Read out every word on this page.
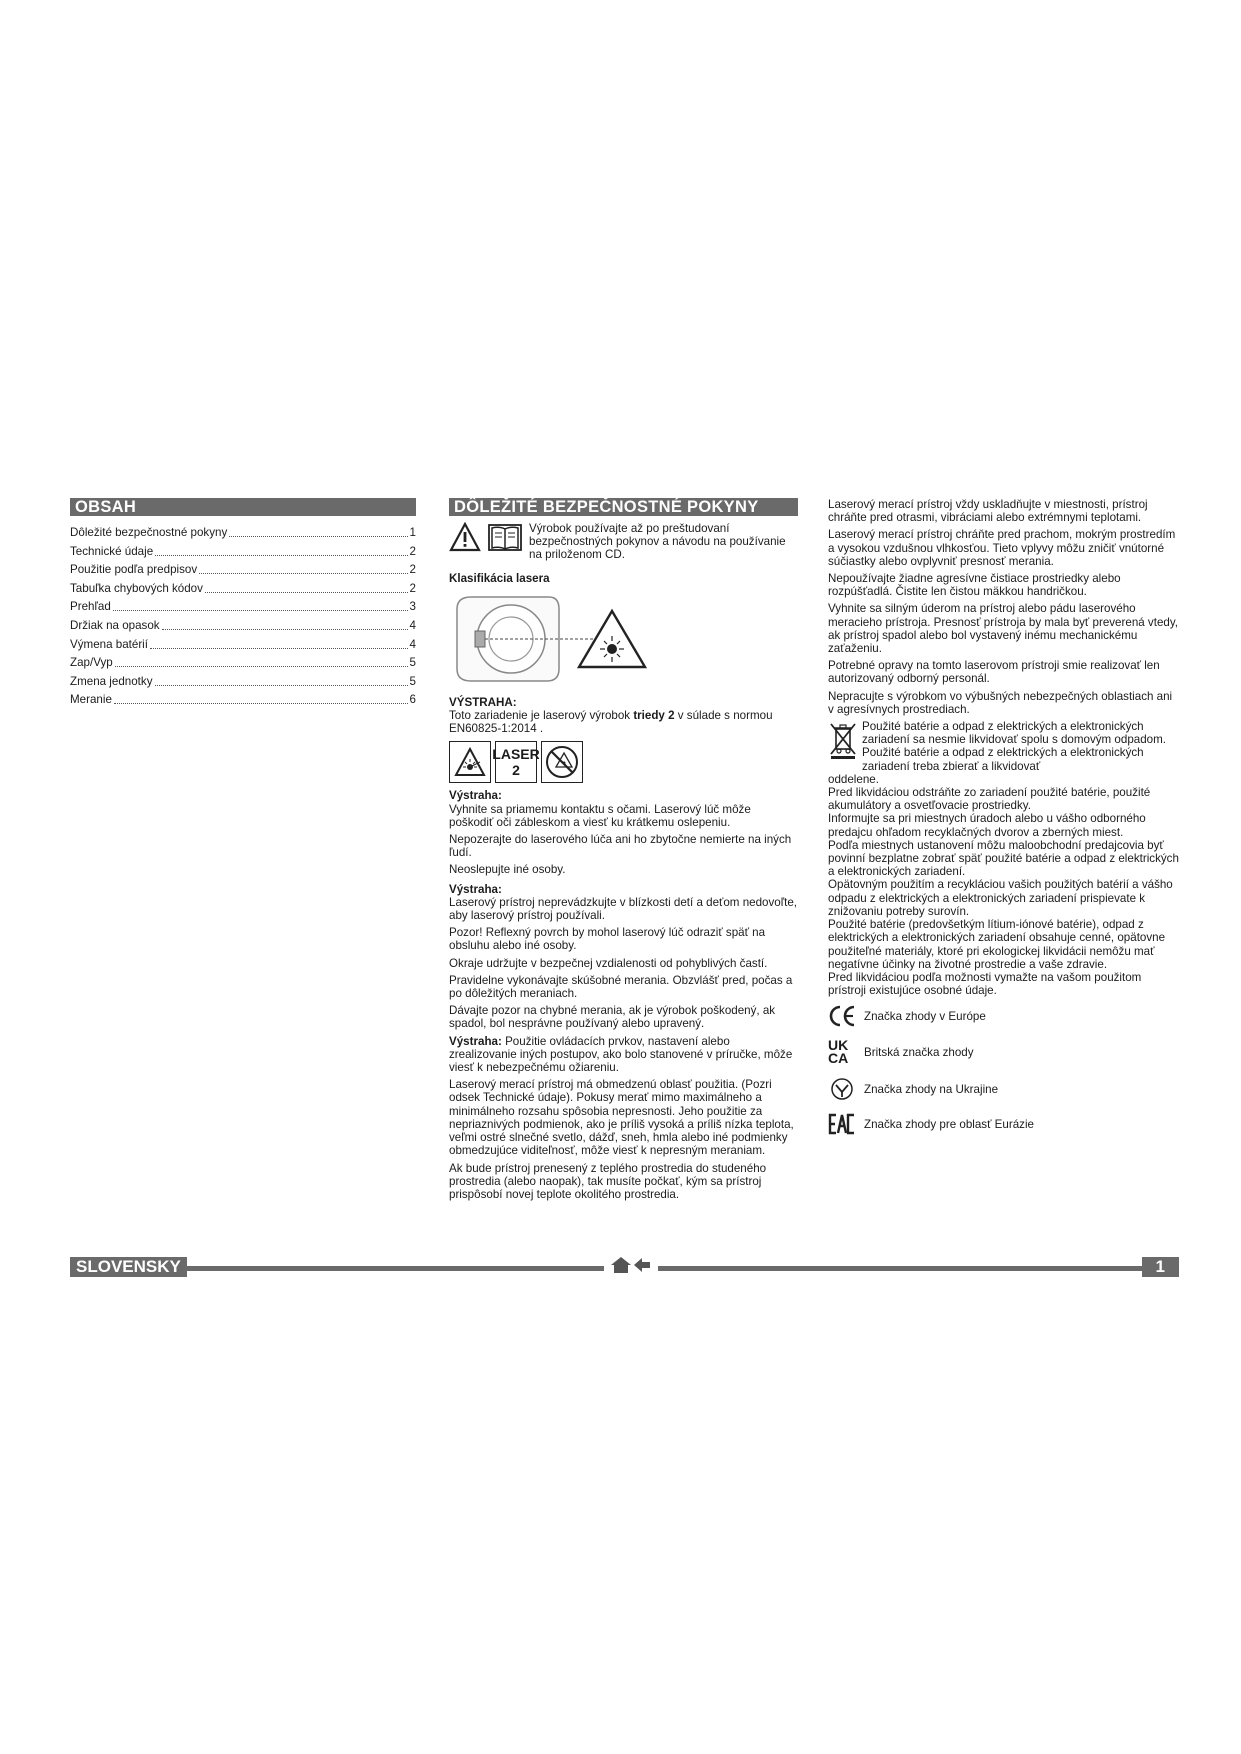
OBSAH
Dôležité bezpečnostné pokyny	1
Technické údaje	2
Použitie podľa predpisov	2
Tabuľka chybových kódov	2
Prehľad	3
Držiak na opasok	4
Výmena batérií	4
Zap/Vyp	5
Zmena jednotky	5
Meranie	6
DÔLEŽITÉ BEZPEČNOSTNÉ POKYNY
Výrobok používajte až po preštudovaní bezpečnostných pokynov a návodu na používanie na priloženom CD.

Klasifikácia lasera

VÝSTRAHA:

Toto zariadenie je laserový výrobok triedy 2 v súlade s normou EN60825-1:2014 .

LASER
2

Výstraha:

Vyhnite sa priamemu kontaktu s očami. Laserový lúč môže poškodiť oči zábleskom a viesť ku krátkemu oslepeniu.

Nepozerajte do laserového lúča ani ho zbytočne nemierte na iných ľudí.

Neoslepujte iné osoby.

Výstraha:

Laserový prístroj neprevádzkujte v blízkosti detí a deťom nedovoľte, aby laserový prístroj používali.

Pozor! Reflexný povrch by mohol laserový lúč odraziť späť na obsluhu alebo iné osoby.

Okraje udržujte v bezpečnej vzdialenosti od pohyblivých častí.

Pravidelne vykonávajte skúšobné merania. Obzvlášť pred, počas a po dôležitých meraniach.

Dávajte pozor na chybné merania, ak je výrobok poškodený, ak spadol, bol nesprávne používaný alebo upravený.

Výstraha: Použitie ovládacích prvkov, nastavení alebo zrealizovanie iných postupov, ako bolo stanovené v príručke, môže viesť k nebezpečnému ožiareniu.

Laserový merací prístroj má obmedzenú oblasť použitia. (Pozri odsek Technické údaje). Pokusy merať mimo maximálneho a minimálneho rozsahu spôsobia nepresnosti. Jeho použitie za nepriaznivých podmienok, ako je príliš vysoká a príliš nízka teplota, veľmi ostré slnečné svetlo, dážď, sneh, hmla alebo iné podmienky obmedzujúce viditeľnosť, môže viesť k nepresným meraniam.

Ak bude prístroj prenesený z teplého prostredia do studeného prostredia (alebo naopak), tak musíte počkať, kým sa prístroj prispôsobí novej teplote okolitého prostredia.

Laserový merací prístroj vždy uskladňujte v miestnosti, prístroj chráňte pred otrasmi, vibráciami alebo extrémnymi teplotami.

Laserový merací prístroj chráňte pred prachom, mokrým prostredím a vysokou vzdušnou vlhkosťou. Tieto vplyvy môžu zničiť vnútorné súčiastky alebo ovplyvniť presnosť merania.

Nepoužívajte žiadne agresívne čistiace prostriedky alebo rozpúšťadlá. Čistite len čistou mäkkou handričkou.

Vyhnite sa silným úderom na prístroj alebo pádu laserového meracieho prístroja. Presnosť prístroja by mala byť preverená vtedy, ak prístroj spadol alebo bol vystavený inému mechanickému zaťaženiu.

Potrebné opravy na tomto laserovom prístroji smie realizovať len autorizovaný odborný personál.

Nepracujte s výrobkom vo výbušných nebezpečných oblastiach ani v agresívnych prostrediach.

Použité batérie a odpad z elektrických a elektronických zariadení sa nesmie likvidovať spolu s domovým odpadom. Použité batérie a odpad z elektrických a elektronických zariadení treba zbierať a likvidovať

oddelene.

Pred likvidáciou odstráňte zo zariadení použité batérie, použité akumulátory a osvetľovacie prostriedky.

Informujte sa pri miestnych úradoch alebo u vášho odborného predajcu ohľadom recyklačných dvorov a zberných miest.

Podľa miestnych ustanovení môžu maloobchodní predajcovia byť povinní bezplatne zobrať späť použité batérie a odpad z elektrických a elektronických zariadení.

Opätovným použitím a recykláciou vašich použitých batérií a vášho odpadu z elektrických a elektronických zariadení prispievate k znižovaniu potreby surovín.

Použité batérie (predovšetkým lítium-iónové batérie), odpad z elektrických a elektronických zariadení obsahuje cenné, opätovne použiteľné materiály, ktoré pri ekologickej likvidácii nemôžu mať negatívne účinky na životné prostredie a vaše zdravie.

Pred likvidáciou podľa možnosti vymažte na vašom použitom prístroji existujúce osobné údaje.

Značka zhody v Európe
UK
CA	Britská značka zhody
Značka zhody na Ukrajine
Značka zhody pre oblasť Eurázie
SLOVENSKY	1
